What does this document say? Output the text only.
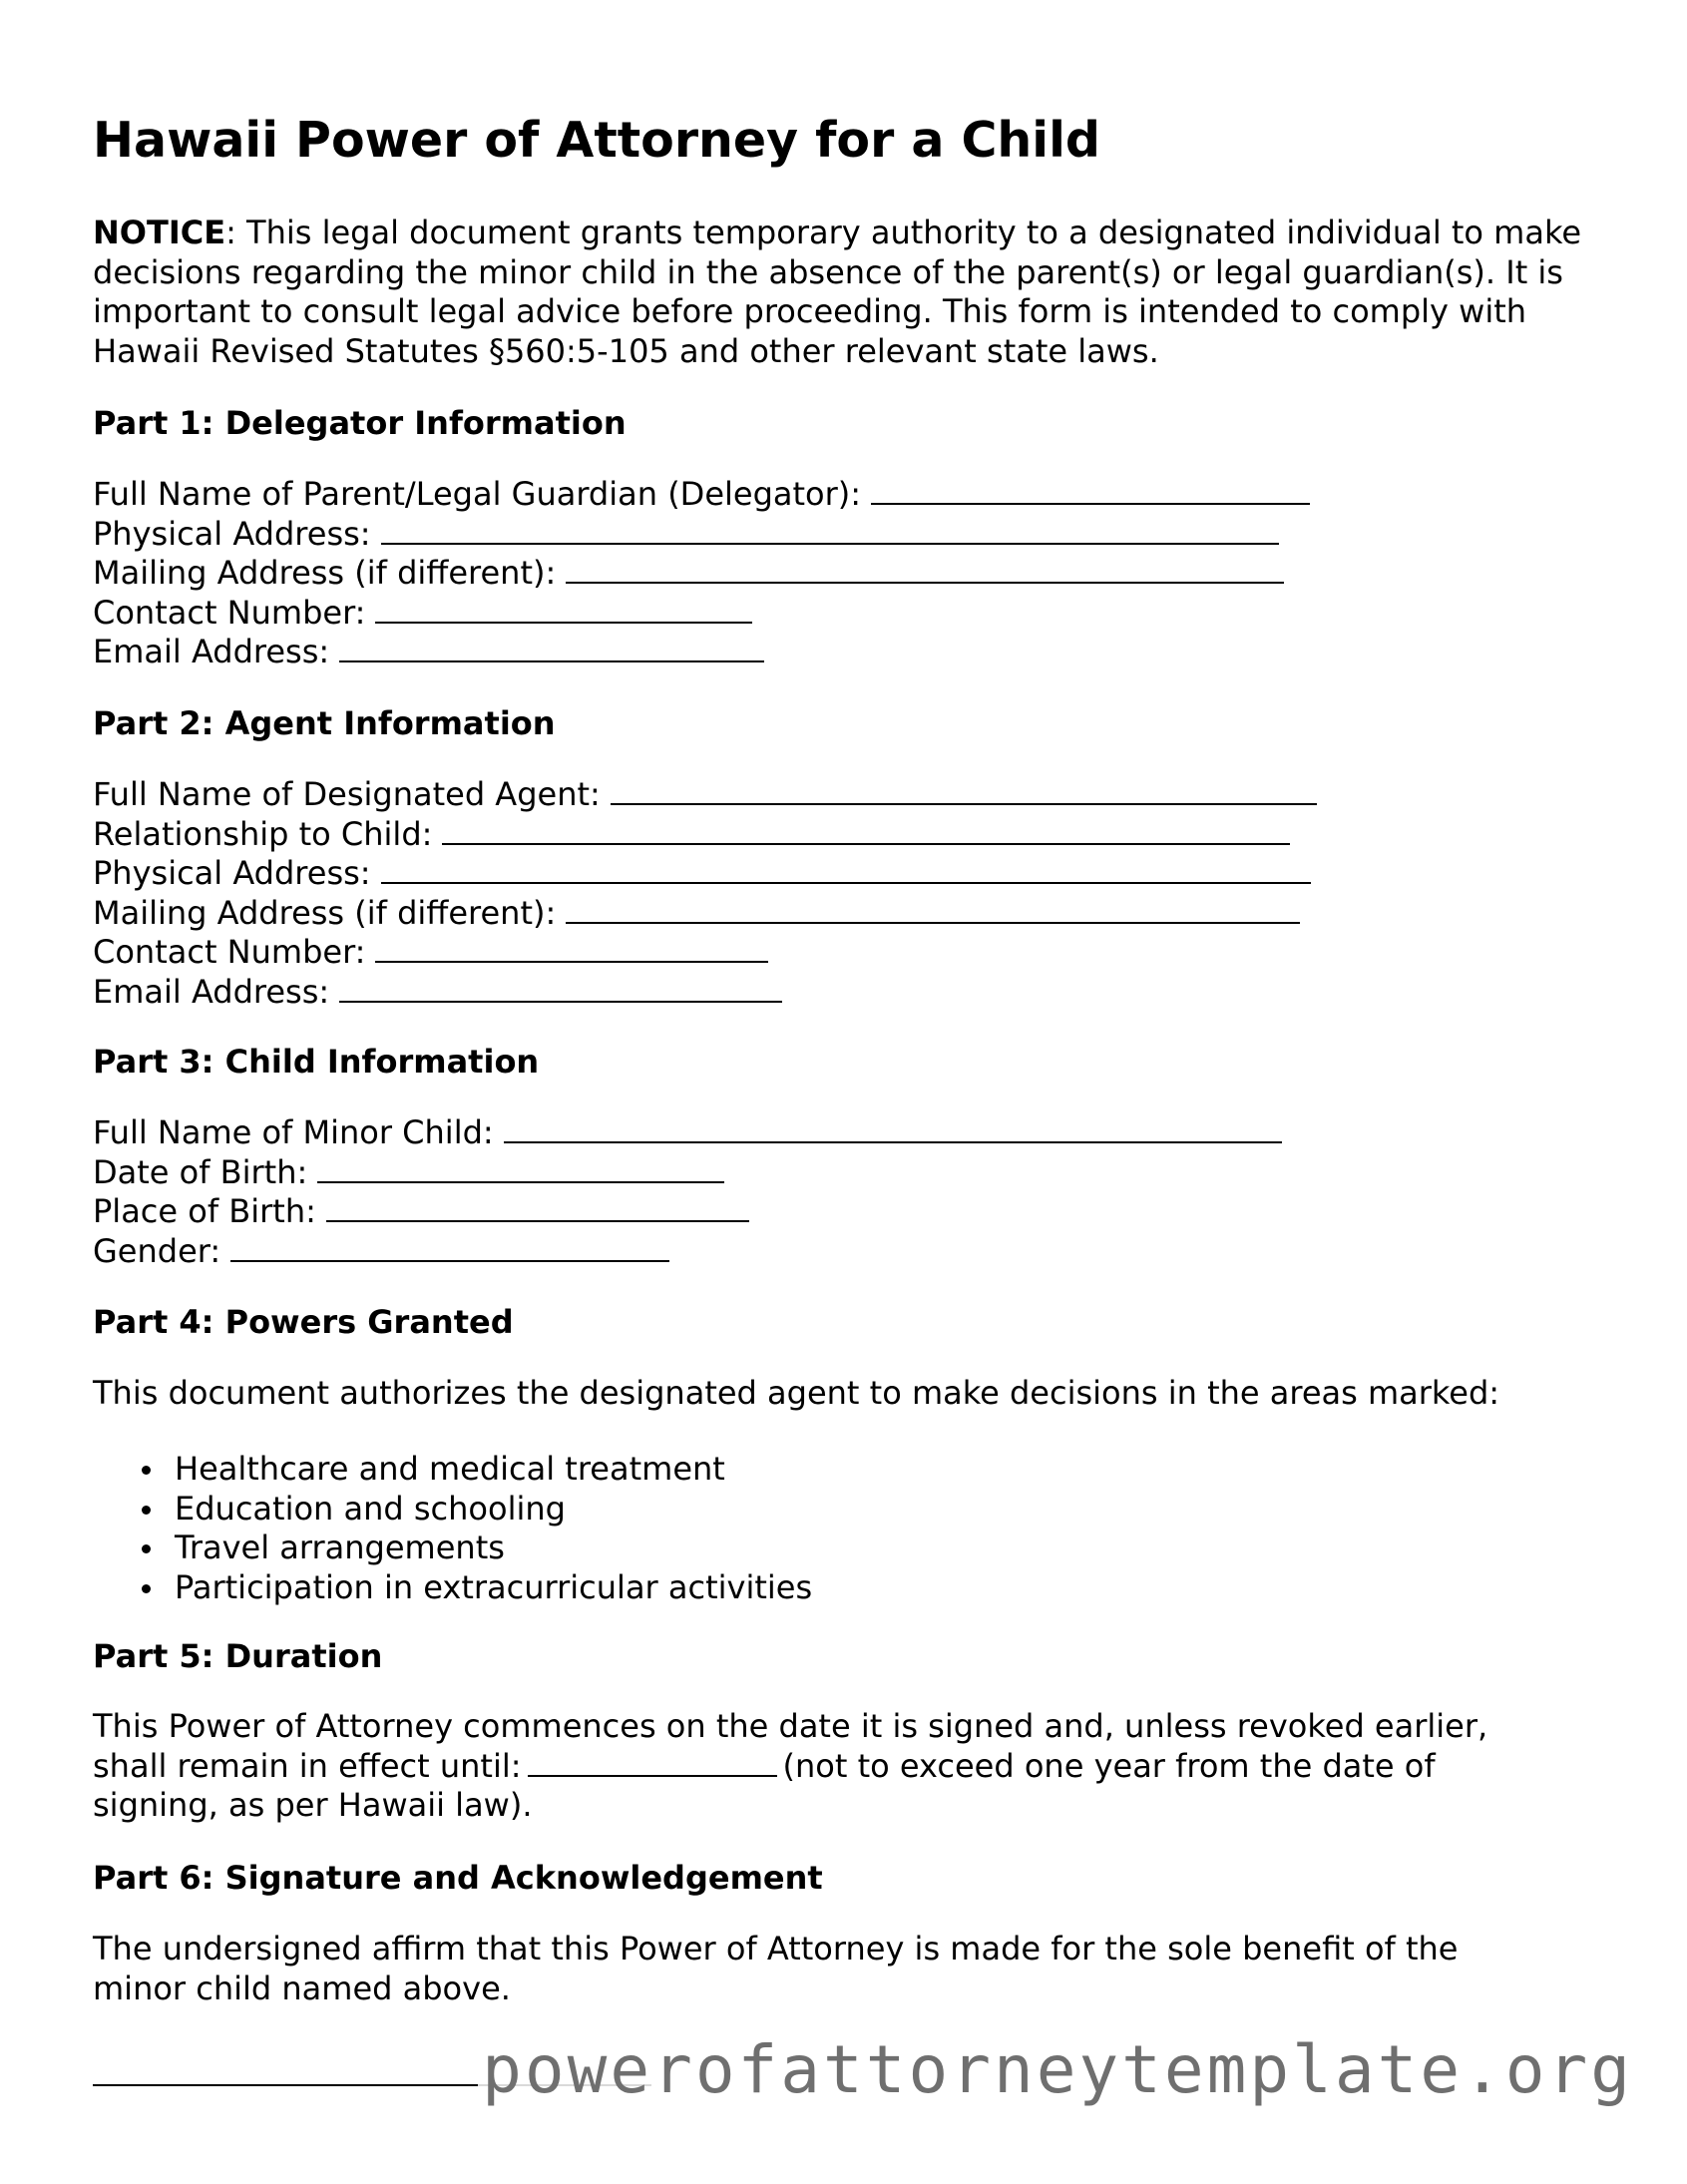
Hawaii Power of Attorney for a Child

NOTICE: This legal document grants temporary authority to a designated individual to make decisions regarding the minor child in the absence of the parent(s) or legal guardian(s). It is important to consult legal advice before proceeding. This form is intended to comply with Hawaii Revised Statutes §560:5-105 and other relevant state laws.

Part 1: Delegator Information
Full Name of Parent/Legal Guardian (Delegator):
Physical Address:
Mailing Address (if different):
Contact Number:
Email Address:
Part 2: Agent Information
Full Name of Designated Agent:
Relationship to Child:
Physical Address:
Mailing Address (if different):
Contact Number:
Email Address:
Part 3: Child Information
Full Name of Minor Child:
Date of Birth:
Place of Birth:
Gender:
Part 4: Powers Granted

This document authorizes the designated agent to make decisions in the areas marked:

Healthcare and medical treatment
Education and schooling
Travel arrangements
Participation in extracurricular activities
Part 5: Duration

This Power of Attorney commences on the date it is signed and, unless revoked earlier, shall remain in effect until:	(not to exceed one year from the date of signing, as per Hawaii law).

Part 6: Signature and Acknowledgement

The undersigned affirm that this Power of Attorney is made for the sole benefit of the minor child named above.

powerofattorneytemplate.org
